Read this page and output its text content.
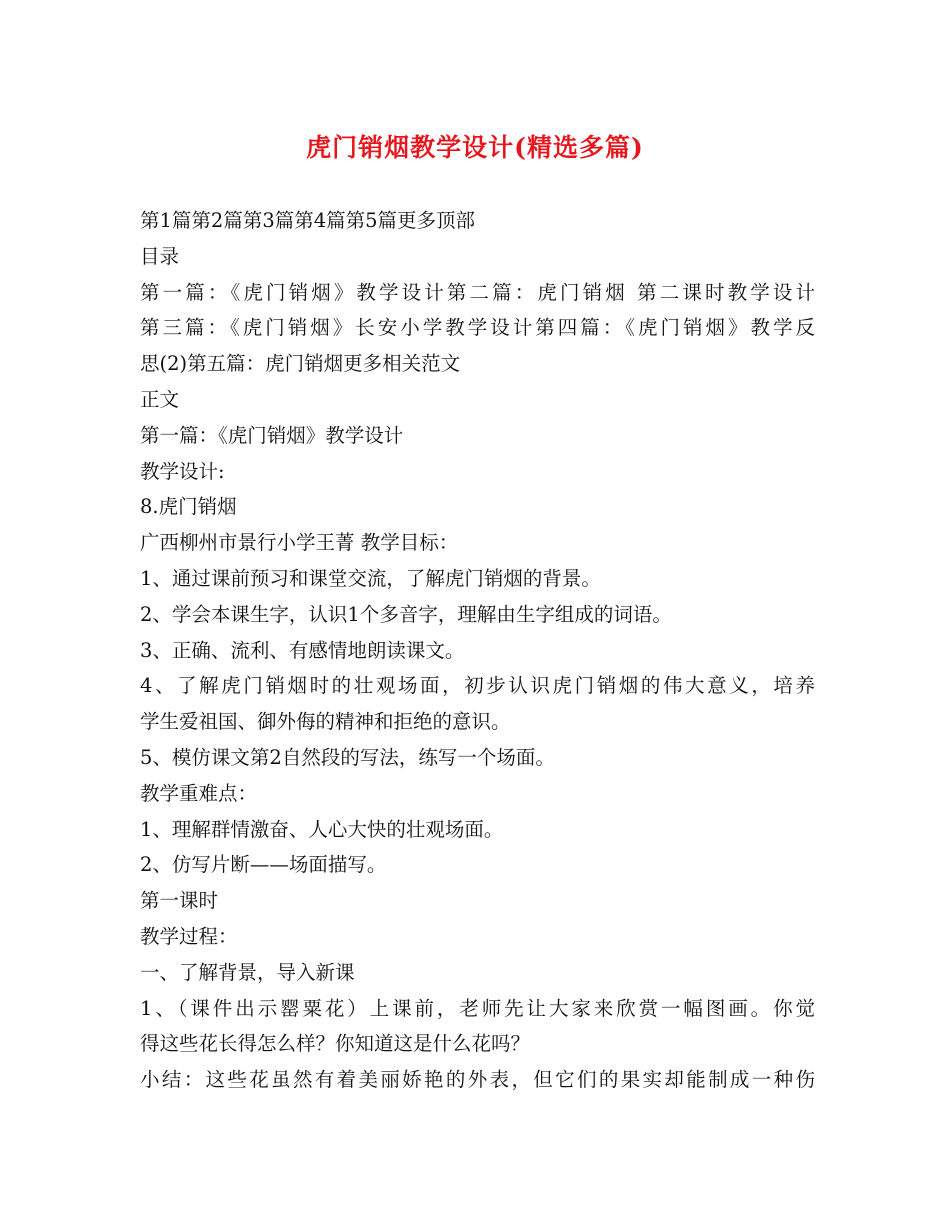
虎门销烟教学设计(精选多篇)
第1篇第2篇第3篇第4篇第5篇更多顶部
目录
第一篇：《虎门销烟》教学设计第二篇：虎门销烟 第二课时教学设计
第三篇：《虎门销烟》长安小学教学设计第四篇：《虎门销烟》教学反
思(2)第五篇：虎门销烟更多相关范文
正文
第一篇：《虎门销烟》教学设计
教学设计:
8.虎门销烟
广西柳州市景行小学王菁 教学目标：
1、通过课前预习和课堂交流，了解虎门销烟的背景。
2、学会本课生字，认识1个多音字，理解由生字组成的词语。
3、正确、流利、有感情地朗读课文。
4、了解虎门销烟时的壮观场面，初步认识虎门销烟的伟大意义，培养
学生爱祖国、御外侮的精神和拒绝的意识。
5、模仿课文第2自然段的写法，练写一个场面。
教学重难点：
1、理解群情激奋、人心大快的壮观场面。
2、仿写片断——场面描写。
第一课时
教学过程：
一、了解背景，导入新课
1、（课件出示罂粟花）上课前，老师先让大家来欣赏一幅图画。你觉
得这些花长得怎么样？你知道这是什么花吗？
小结：这些花虽然有着美丽娇艳的外表，但它们的果实却能制成一种伤
